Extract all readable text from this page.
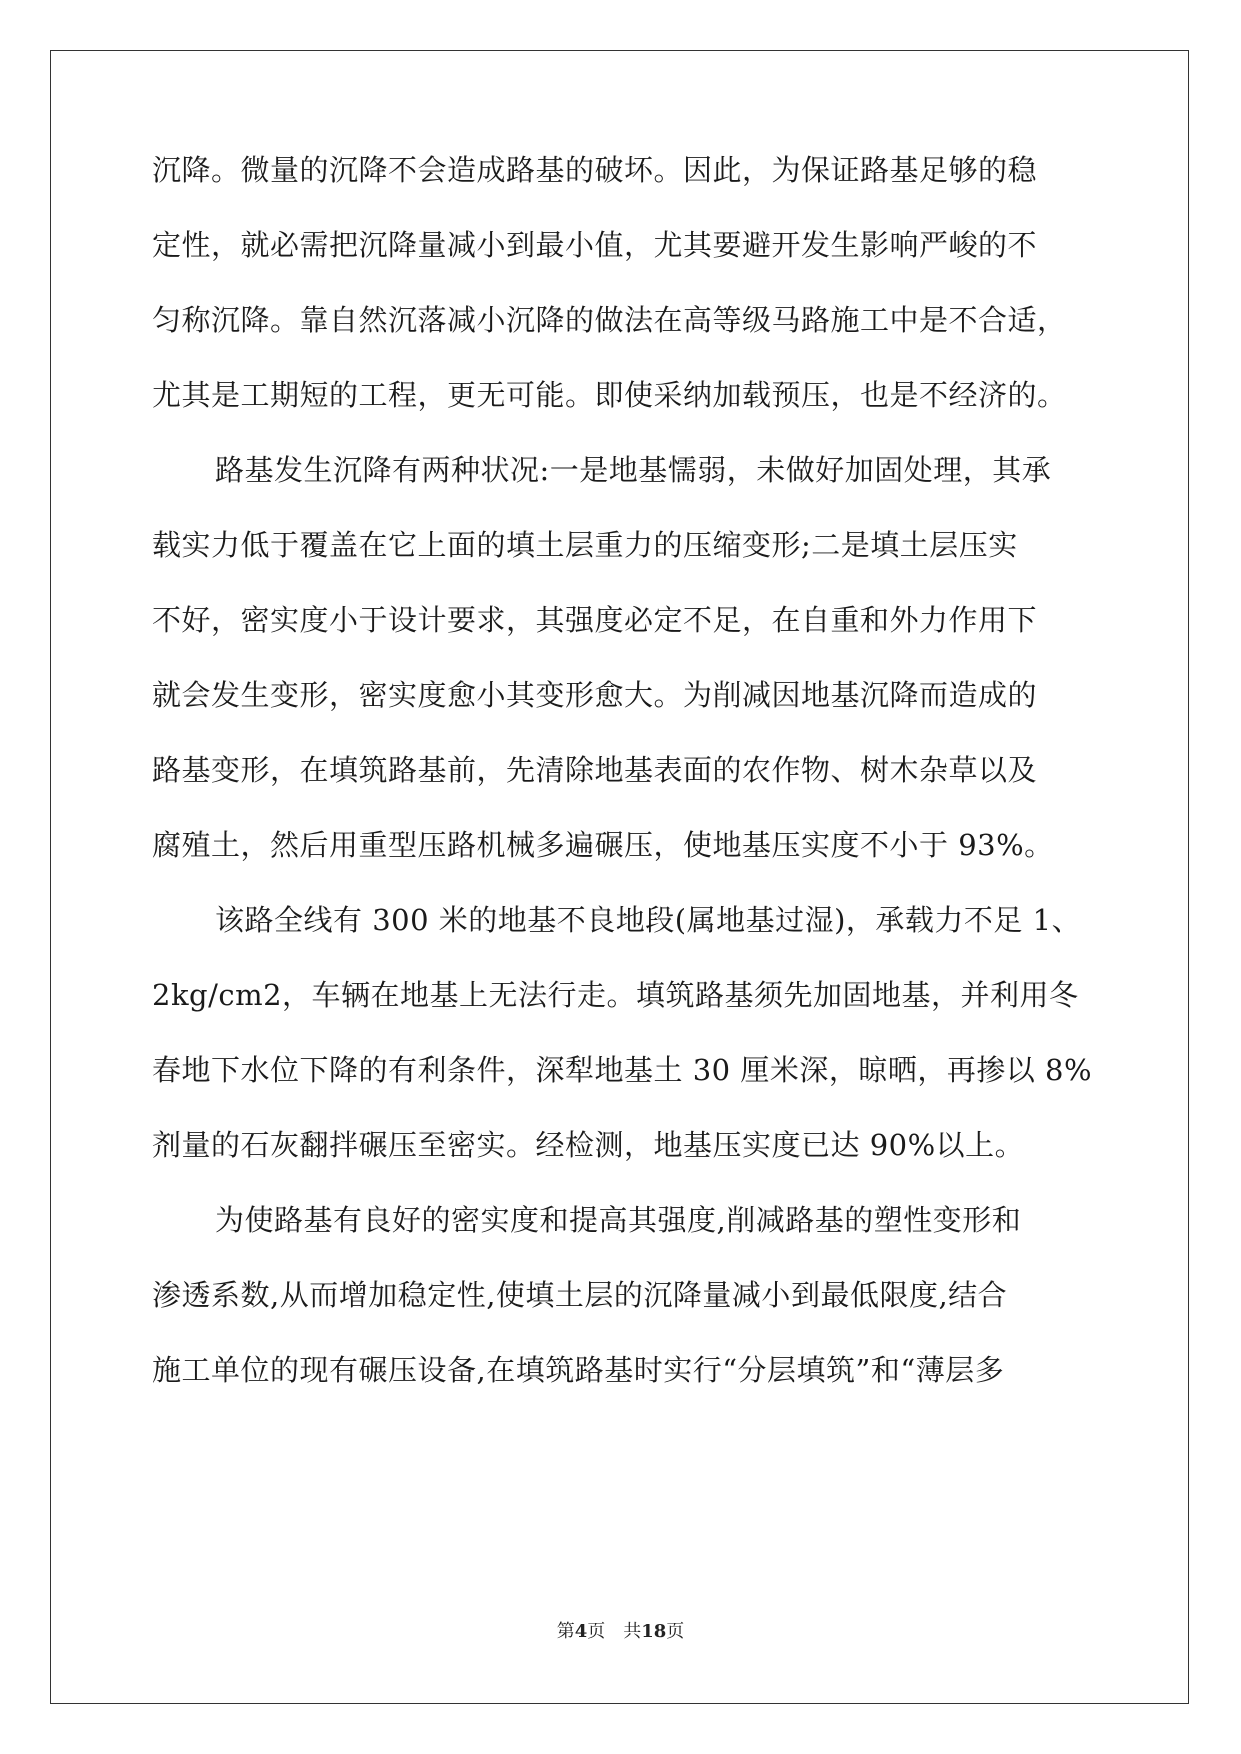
沉降。微量的沉降不会造成路基的破坏。因此，为保证路基足够的稳
定性，就必需把沉降量减小到最小值，尤其要避开发生影响严峻的不
匀称沉降。靠自然沉落减小沉降的做法在高等级马路施工中是不合适，
尤其是工期短的工程，更无可能。即使采纳加载预压，也是不经济的。
路基发生沉降有两种状况:一是地基懦弱，未做好加固处理，其承
载实力低于覆盖在它上面的填土层重力的压缩变形;二是填土层压实
不好，密实度小于设计要求，其强度必定不足，在自重和外力作用下
就会发生变形，密实度愈小其变形愈大。为削减因地基沉降而造成的
路基变形，在填筑路基前，先清除地基表面的农作物、树木杂草以及
腐殖土，然后用重型压路机械多遍碾压，使地基压实度不小于 93%。
该路全线有 300 米的地基不良地段(属地基过湿)，承载力不足 1、
2kg/cm2，车辆在地基上无法行走。填筑路基须先加固地基，并利用冬
春地下水位下降的有利条件，深犁地基土 30 厘米深，晾晒，再掺以 8%
剂量的石灰翻拌碾压至密实。经检测，地基压实度已达 90%以上。
为使路基有良好的密实度和提高其强度,削减路基的塑性变形和
渗透系数,从而增加稳定性,使填土层的沉降量减小到最低限度,结合
施工单位的现有碾压设备,在填筑路基时实行“分层填筑”和“薄层多
第4页　共18页
